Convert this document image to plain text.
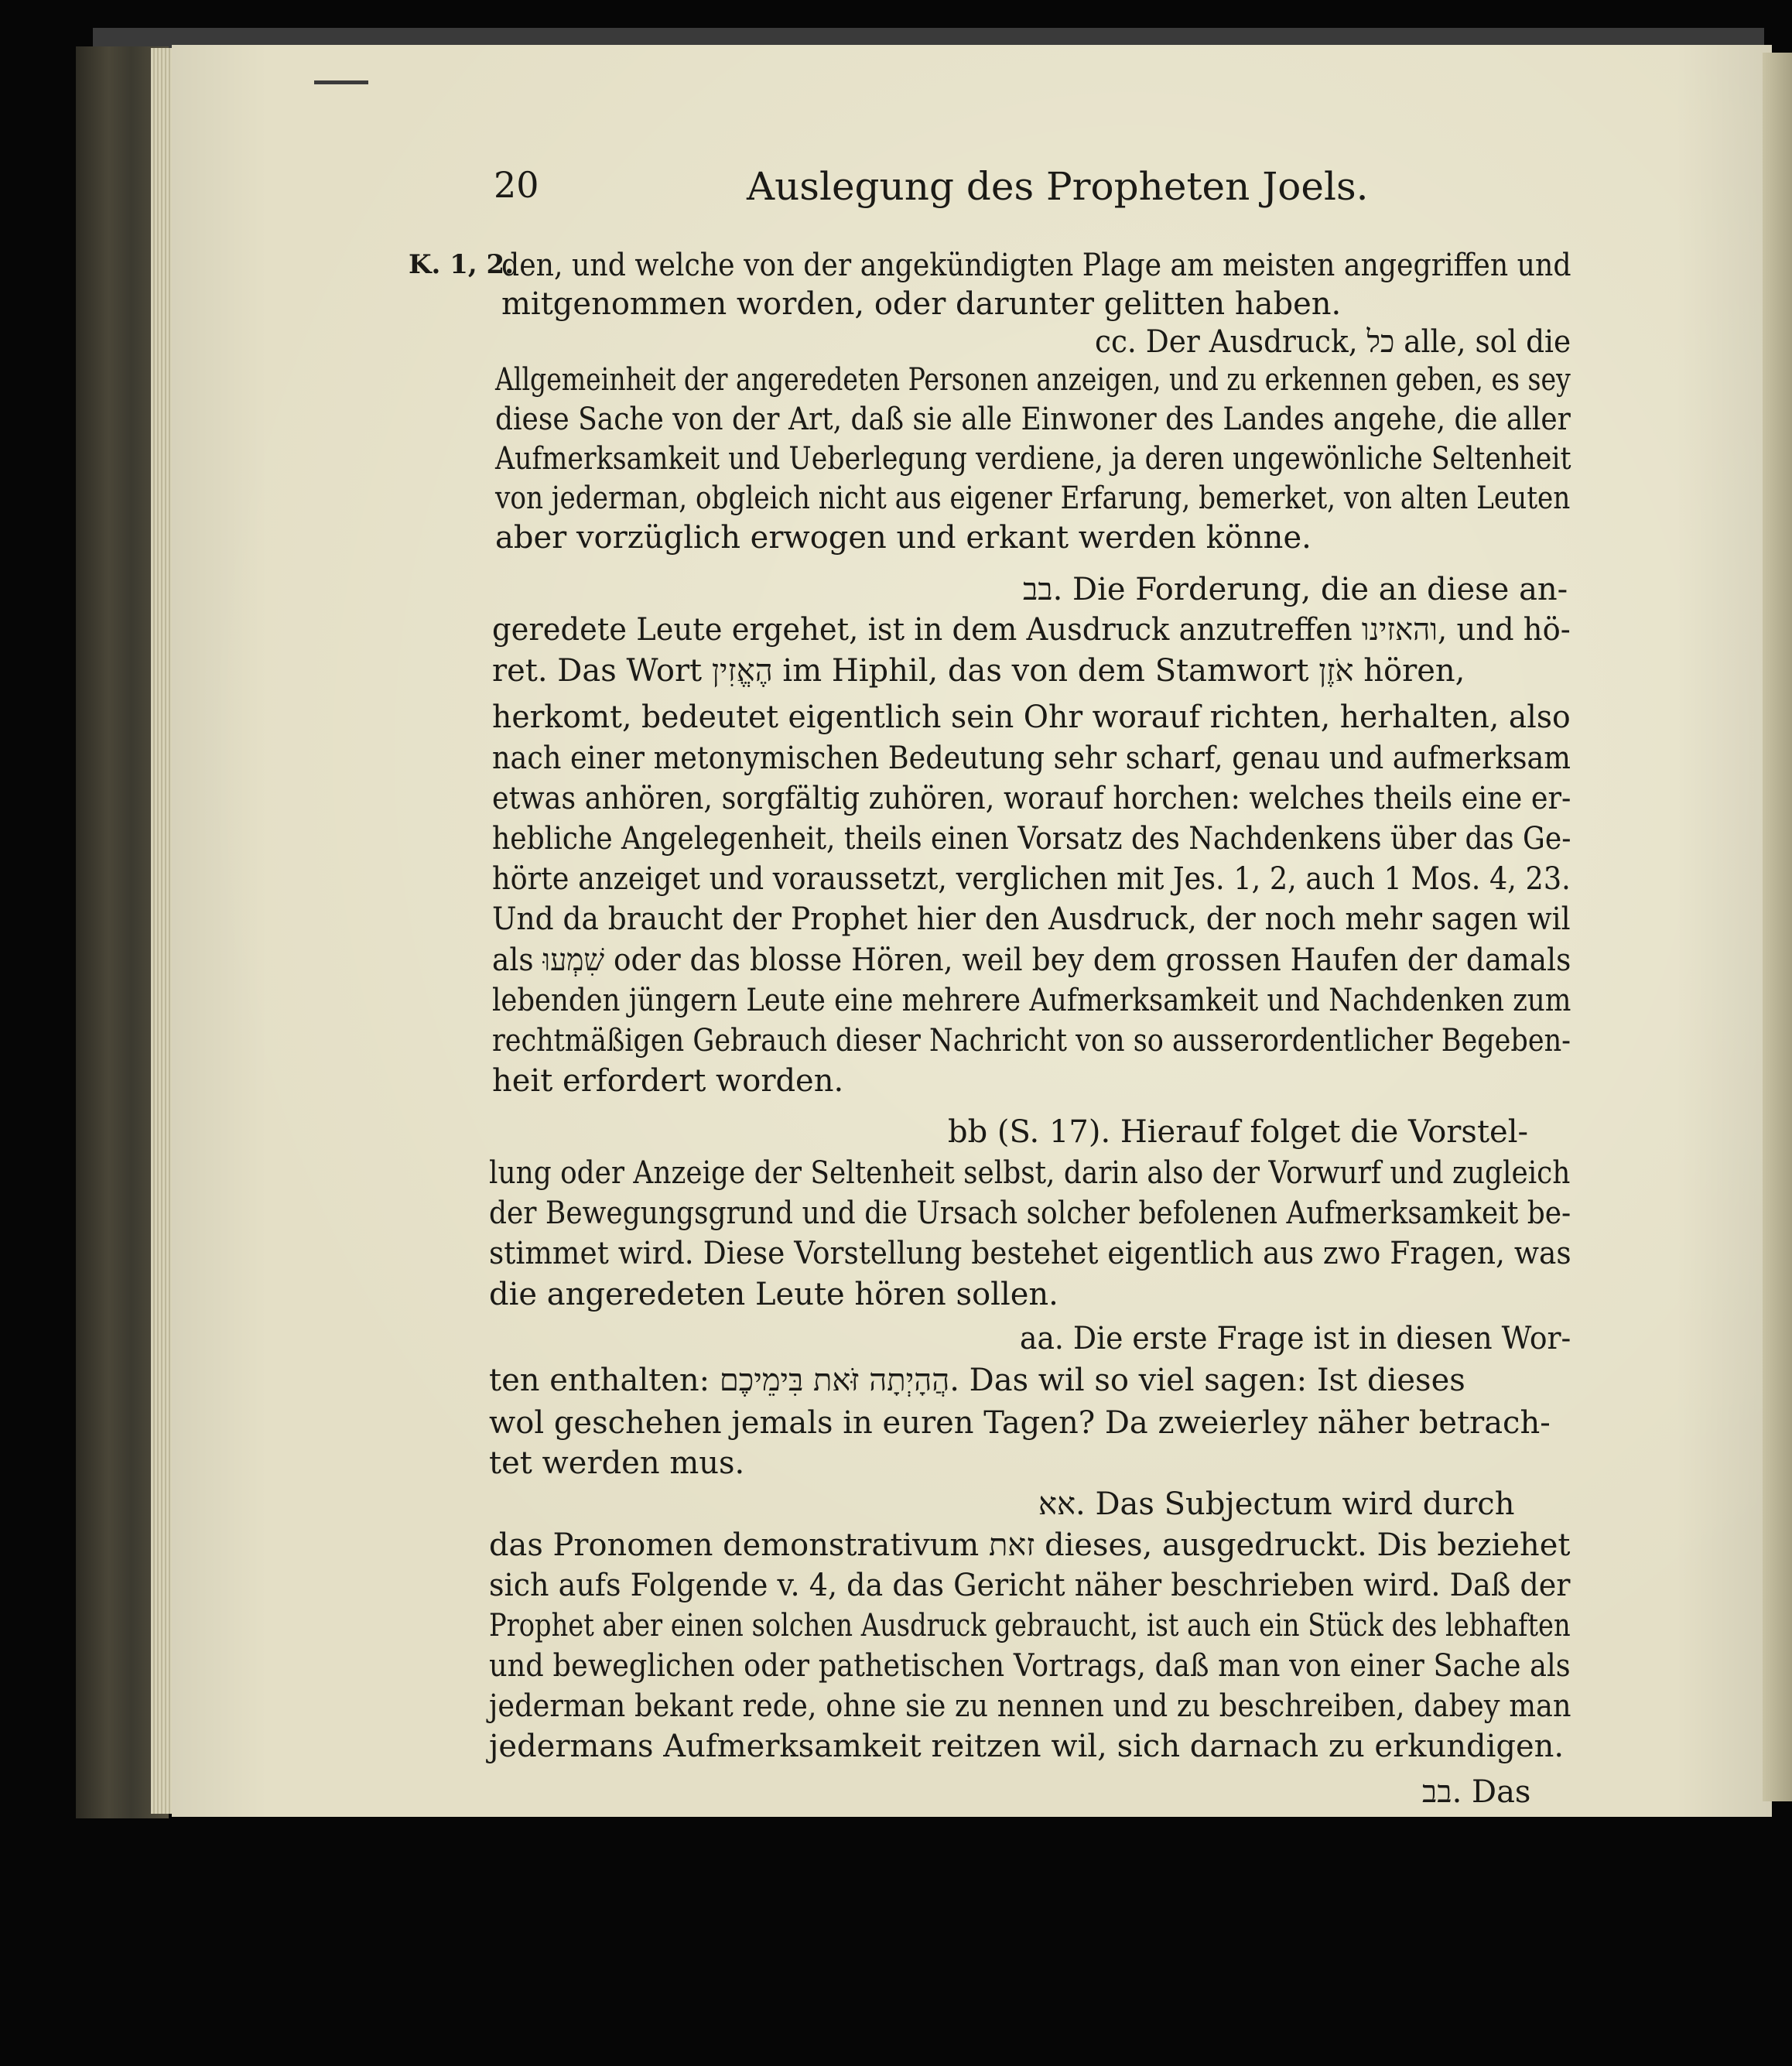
20	Auslegung des Propheten Joels.
K. 1, 2.
den, und welche von der angekündigten Plage am meisten angegriffen und
mitgenommen worden, oder darunter gelitten haben.
cc. Der Ausdruck, כל alle, sol die
Allgemeinheit der angeredeten Personen anzeigen, und zu erkennen geben, es sey
diese Sache von der Art, daß sie alle Einwoner des Landes angehe, die aller
Aufmerksamkeit und Ueberlegung verdiene, ja deren ungewönliche Seltenheit
von jederman, obgleich nicht aus eigener Erfarung, bemerket, von alten Leuten
aber vorzüglich erwogen und erkant werden könne.
בב. Die Forderung, die an diese an-
geredete Leute ergehet, ist in dem Ausdruck anzutreffen והאזינו, und hö-
ret. Das Wort הֶאֱזִין im Hiphil, das von dem Stamwort אֹזֶן hören,
herkomt, bedeutet eigentlich sein Ohr worauf richten, herhalten, also
nach einer metonymischen Bedeutung sehr scharf, genau und aufmerksam
etwas anhören, sorgfältig zuhören, worauf horchen: welches theils eine er-
hebliche Angelegenheit, theils einen Vorsatz des Nachdenkens über das Ge-
hörte anzeiget und voraussetzt, verglichen mit Jes. 1, 2, auch 1 Mos. 4, 23.
Und da braucht der Prophet hier den Ausdruck, der noch mehr sagen wil
als שִׁמְעוּ oder das blosse Hören, weil bey dem grossen Haufen der damals
lebenden jüngern Leute eine mehrere Aufmerksamkeit und Nachdenken zum
rechtmäßigen Gebrauch dieser Nachricht von so ausserordentlicher Begeben-
heit erfordert worden.
bb (S. 17). Hierauf folget die Vorstel-
lung oder Anzeige der Seltenheit selbst, darin also der Vorwurf und zugleich
der Bewegungsgrund und die Ursach solcher befolenen Aufmerksamkeit be-
stimmet wird. Diese Vorstellung bestehet eigentlich aus zwo Fragen, was
die angeredeten Leute hören sollen.
aa. Die erste Frage ist in diesen Wor-
ten enthalten: הֲהָיְתָה זֹּאת בִּימֵיכֶם. Das wil so viel sagen: Ist dieses
wol geschehen jemals in euren Tagen? Da zweierley näher betrach-
tet werden mus.
אא. Das Subjectum wird durch
das Pronomen demonstrativum זאת dieses, ausgedruckt. Dis beziehet
sich aufs Folgende v. 4, da das Gericht näher beschrieben wird. Daß der
Prophet aber einen solchen Ausdruck gebraucht, ist auch ein Stück des lebhaften
und beweglichen oder pathetischen Vortrags, daß man von einer Sache als
jederman bekant rede, ohne sie zu nennen und zu beschreiben, dabey man
jedermans Aufmerksamkeit reitzen wil, sich darnach zu erkundigen.
בב. Das
